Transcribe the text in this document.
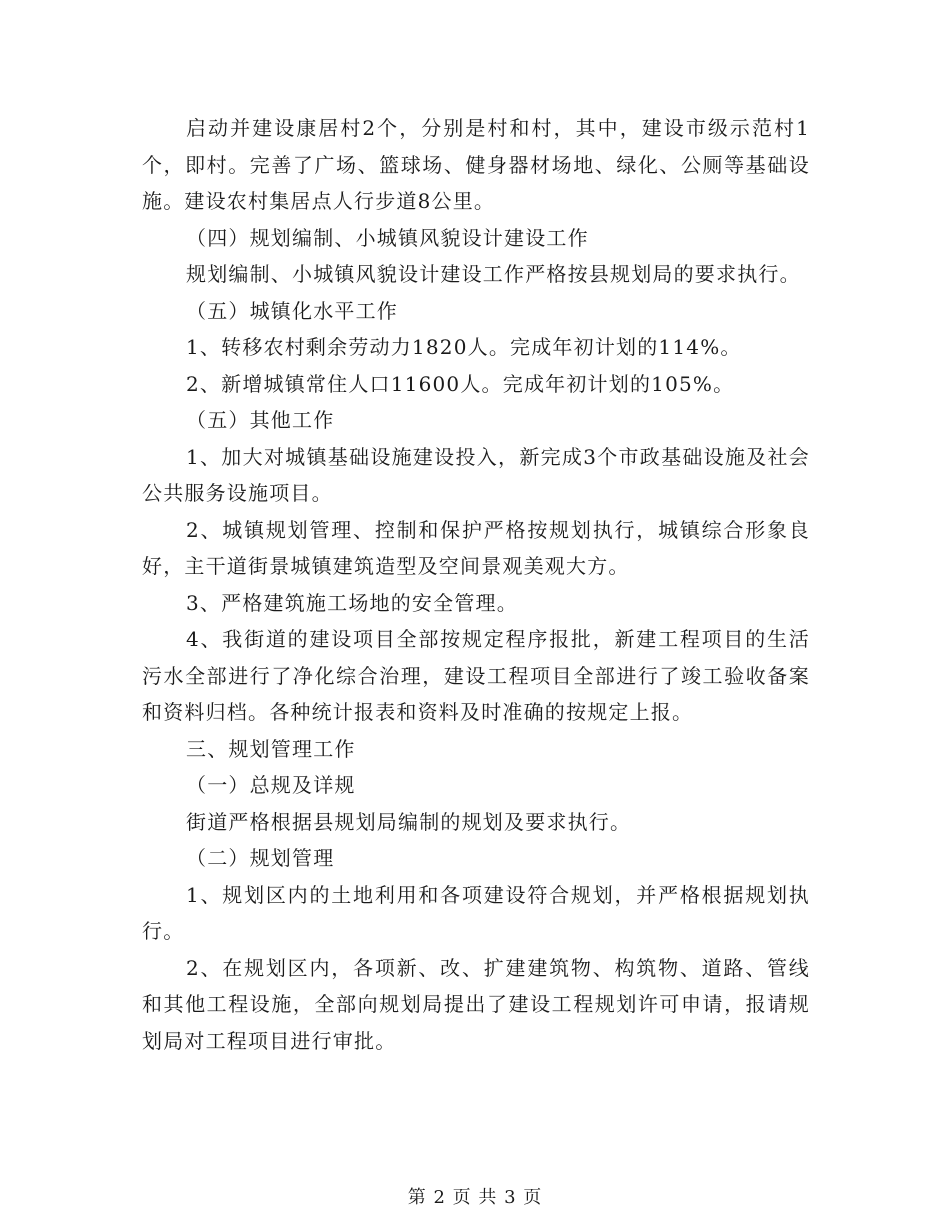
启动并建设康居村2个，分别是村和村，其中，建设市级示范村1个，即村。完善了广场、篮球场、健身器材场地、绿化、公厕等基础设施。建设农村集居点人行步道8公里。

（四）规划编制、小城镇风貌设计建设工作

规划编制、小城镇风貌设计建设工作严格按县规划局的要求执行。

（五）城镇化水平工作

1、转移农村剩余劳动力1820人。完成年初计划的114%。

2、新增城镇常住人口11600人。完成年初计划的105%。

（五）其他工作

1、加大对城镇基础设施建设投入，新完成3个市政基础设施及社会公共服务设施项目。

2、城镇规划管理、控制和保护严格按规划执行，城镇综合形象良好，主干道街景城镇建筑造型及空间景观美观大方。

3、严格建筑施工场地的安全管理。

4、我街道的建设项目全部按规定程序报批，新建工程项目的生活污水全部进行了净化综合治理，建设工程项目全部进行了竣工验收备案和资料归档。各种统计报表和资料及时准确的按规定上报。

三、规划管理工作

（一）总规及详规

街道严格根据县规划局编制的规划及要求执行。

（二）规划管理

1、规划区内的土地利用和各项建设符合规划，并严格根据规划执行。

2、在规划区内，各项新、改、扩建建筑物、构筑物、道路、管线和其他工程设施，全部向规划局提出了建设工程规划许可申请，报请规划局对工程项目进行审批。

第 2 页 共 3 页
